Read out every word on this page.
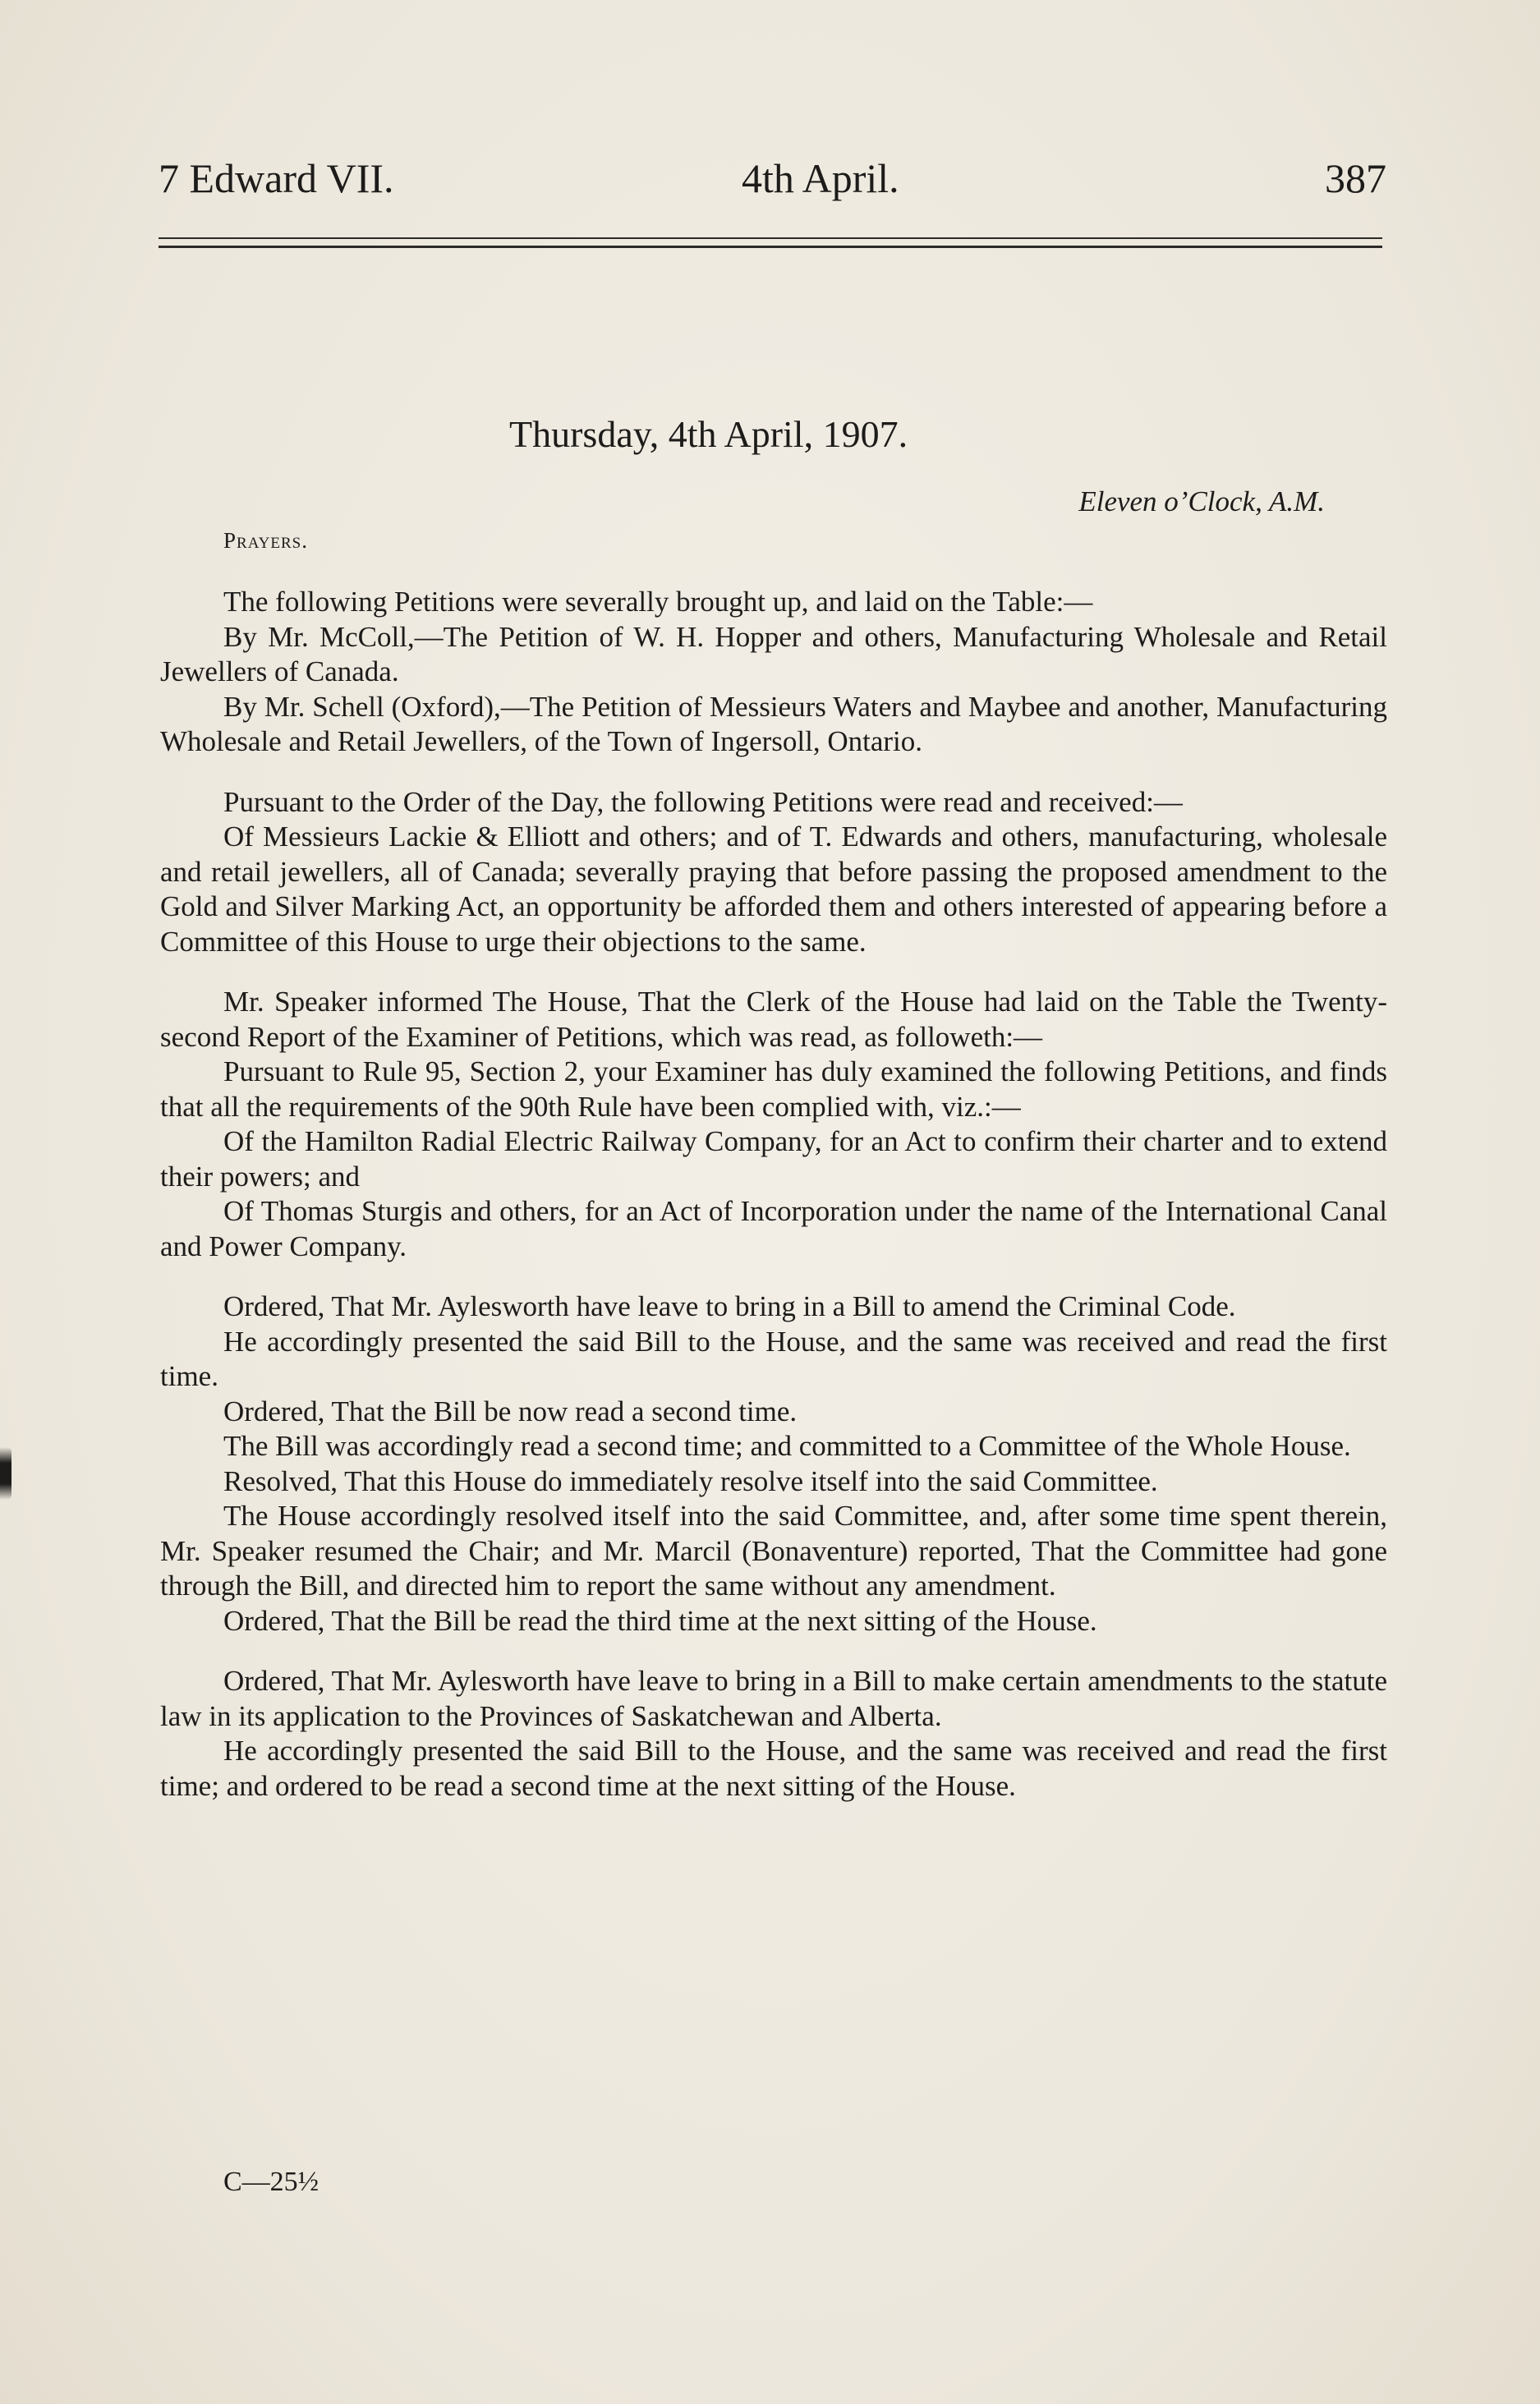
7 Edward VII.	4th April.	387
Thursday, 4th April, 1907.
Eleven o’Clock, A.M.
Prayers.

The following Petitions were severally brought up, and laid on the Table:—

By Mr. McColl,—The Petition of W. H. Hopper and others, Manufacturing Wholesale and Retail Jewellers of Canada.

By Mr. Schell (Oxford),—The Petition of Messieurs Waters and Maybee and another, Manufacturing Wholesale and Retail Jewellers, of the Town of Ingersoll, Ontario.

Pursuant to the Order of the Day, the following Petitions were read and received:—

Of Messieurs Lackie & Elliott and others; and of T. Edwards and others, manufacturing, wholesale and retail jewellers, all of Canada; severally praying that before passing the proposed amendment to the Gold and Silver Marking Act, an opportunity be afforded them and others interested of appearing before a Committee of this House to urge their objections to the same.

Mr. Speaker informed The House, That the Clerk of the House had laid on the Table the Twenty-second Report of the Examiner of Petitions, which was read, as followeth:—

Pursuant to Rule 95, Section 2, your Examiner has duly examined the following Petitions, and finds that all the requirements of the 90th Rule have been complied with, viz.:—

Of the Hamilton Radial Electric Railway Company, for an Act to confirm their charter and to extend their powers; and

Of Thomas Sturgis and others, for an Act of Incorporation under the name of the International Canal and Power Company.

Ordered, That Mr. Aylesworth have leave to bring in a Bill to amend the Criminal Code.

He accordingly presented the said Bill to the House, and the same was received and read the first time.

Ordered, That the Bill be now read a second time.

The Bill was accordingly read a second time; and committed to a Committee of the Whole House.

Resolved, That this House do immediately resolve itself into the said Committee.

The House accordingly resolved itself into the said Committee, and, after some time spent therein, Mr. Speaker resumed the Chair; and Mr. Marcil (Bonaventure) reported, That the Committee had gone through the Bill, and directed him to report the same without any amendment.

Ordered, That the Bill be read the third time at the next sitting of the House.

Ordered, That Mr. Aylesworth have leave to bring in a Bill to make certain amendments to the statute law in its application to the Provinces of Saskatchewan and Alberta.

He accordingly presented the said Bill to the House, and the same was received and read the first time; and ordered to be read a second time at the next sitting of the House.

C—25½
